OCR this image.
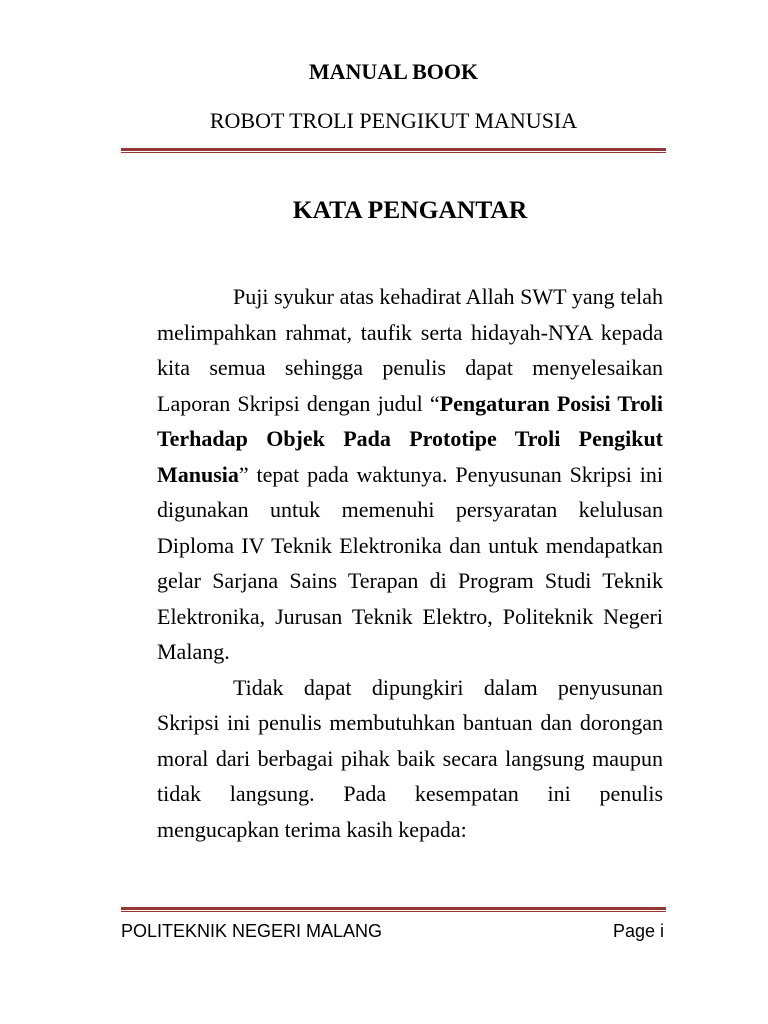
MANUAL BOOK
ROBOT TROLI PENGIKUT MANUSIA
KATA PENGANTAR
Puji syukur atas kehadirat Allah SWT yang telah
melimpahkan rahmat, taufik serta hidayah-NYA kepada
kita semua sehingga penulis dapat menyelesaikan
Laporan Skripsi dengan judul “Pengaturan Posisi Troli
Terhadap Objek Pada Prototipe Troli Pengikut
Manusia” tepat pada waktunya. Penyusunan Skripsi ini
digunakan untuk memenuhi persyaratan kelulusan
Diploma IV Teknik Elektronika dan untuk mendapatkan
gelar Sarjana Sains Terapan di Program Studi Teknik
Elektronika, Jurusan Teknik Elektro, Politeknik Negeri
Malang.
Tidak dapat dipungkiri dalam penyusunan
Skripsi ini penulis membutuhkan bantuan dan dorongan
moral dari berbagai pihak baik secara langsung maupun
tidak langsung. Pada kesempatan ini penulis
mengucapkan terima kasih kepada:
POLITEKNIK NEGERI MALANG	Page i
